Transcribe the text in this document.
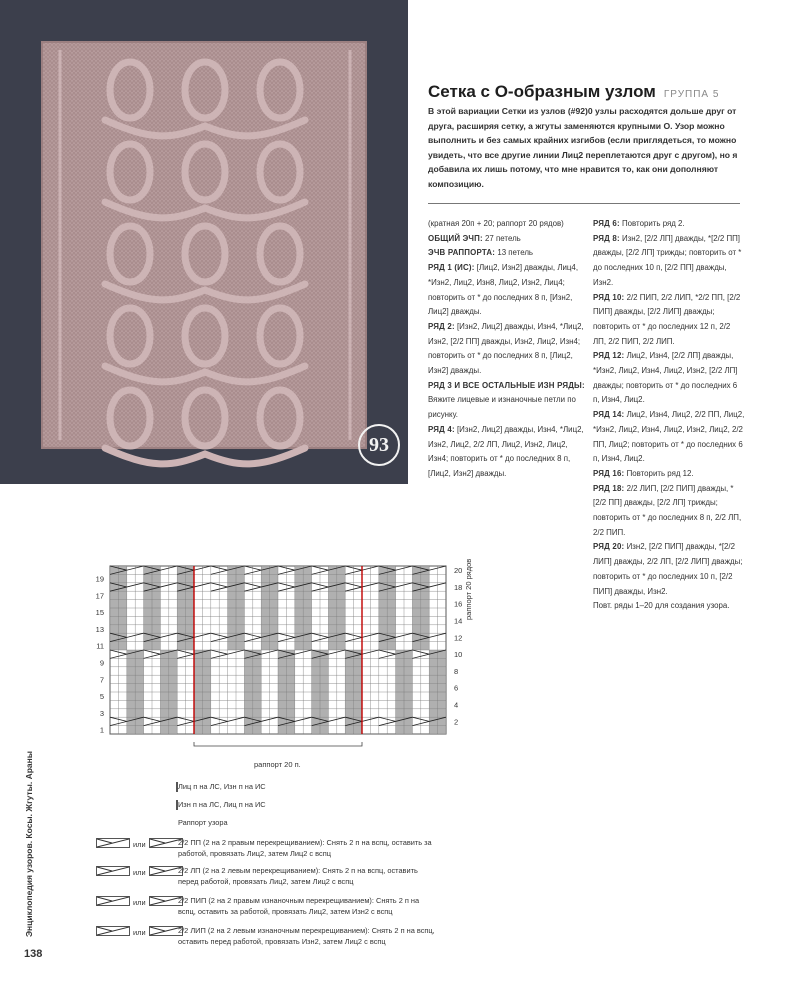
93
Сетка с О-образным узлом ГРУППА 5
В этой вариации Сетки из узлов (#92)0 узлы расходятся дольше друг от друга, расширяя сетку, а жгуты заменяются крупными О. Узор можно выполнить и без самых крайних изгибов (если приглядеться, то можно увидеть, что все другие линии Лиц2 переплетаются друг с другом), но я добавила их лишь потому, что мне нравится то, как они дополняют композицию.

(кратная 20п + 20; раппорт 20 рядов)

ОБЩИЙ ЭЧП: 27 петель

ЭЧВ РАППОРТА: 13 петель

РЯД 1 (ИС): [Лиц2, Изн2] дважды, Лиц4, *Изн2, Лиц2, Изн8, Лиц2, Изн2, Лиц4; повторить от * до последних 8 п, [Изн2, Лиц2] дважды.

РЯД 2: [Изн2, Лиц2] дважды, Изн4, *Лиц2, Изн2, [2/2 ПП] дважды, Изн2, Лиц2, Изн4; повторить от * до последних 8 п, [Лиц2, Изн2] дважды.

РЯД 3 И ВСЕ ОСТАЛЬНЫЕ ИЗН РЯДЫ: Вяжите лицевые и изнаночные петли по рисунку.

РЯД 4: [Изн2, Лиц2] дважды, Изн4, *Лиц2, Изн2, Лиц2, 2/2 ЛП, Лиц2, Изн2, Лиц2, Изн4; повторить от * до последних 8 п, [Лиц2, Изн2] дважды.

РЯД 6: Повторить ряд 2.

РЯД 8: Изн2, [2/2 ЛП] дважды, *[2/2 ПП] дважды, [2/2 ЛП] трижды; повторить от * до последних 10 п, [2/2 ПП] дважды, Изн2.

РЯД 10: 2/2 ПИП, 2/2 ЛИП, *2/2 ПП, [2/2 ПИП] дважды, [2/2 ЛИП] дважды; повторить от * до последних 12 п, 2/2 ЛП, 2/2 ПИП, 2/2 ЛИП.

РЯД 12: Лиц2, Изн4, [2/2 ЛП] дважды, *Изн2, Лиц2, Изн4, Лиц2, Изн2, [2/2 ЛП] дважды; повторить от * до последних 6 п, Изн4, Лиц2.

РЯД 14: Лиц2, Изн4, Лиц2, 2/2 ПП, Лиц2, *Изн2, Лиц2, Изн4, Лиц2, Изн2, Лиц2, 2/2 ПП, Лиц2; повторить от * до последних 6 п, Изн4, Лиц2.

РЯД 16: Повторить ряд 12.

РЯД 18: 2/2 ЛИП, [2/2 ПИП] дважды, *[2/2 ПП] дважды, [2/2 ЛП] трижды; повторить от * до последних 8 п, 2/2 ЛП, 2/2 ПИП.

РЯД 20: Изн2, [2/2 ПИП] дважды, *[2/2 ЛИП] дважды, 2/2 ЛП, [2/2 ЛИП] дважды; повторить от * до последних 10 п, [2/2 ПИП] дважды, Изн2.

Повт. ряды 1–20 для создания узора.

19
17
15
13
11
9
7
5
3
1
20
18
16
14
12
10
8
6
4
2
раппорт 20 п.
раппорт 20 рядов
Лиц п на ЛС, Изн п на ИС
Изн п на ЛС, Лиц п на ИС
Раппорт узора
или	2/2 ПП (2 на 2 правым перекрещиванием): Снять 2 п на вспц, оставить за работой, провязать Лиц2, затем Лиц2 с вспц
или	2/2 ЛП (2 на 2 левым перекрещиванием): Снять 2 п на вспц, оставить перед работой, провязать Лиц2, затем Лиц2 с вспц
или	2/2 ПИП (2 на 2 правым изнаночным перекрещиванием): Снять 2 п на вспц, оставить за работой, провязать Лиц2, затем Изн2 с вспц
или	2/2 ЛИП (2 на 2 левым изнаночным перекрещиванием): Снять 2 п на вспц, оставить перед работой, провязать Изн2, затем Лиц2 с вспц
Энциклопедия узоров. Косы. Жгуты. Араны
138
